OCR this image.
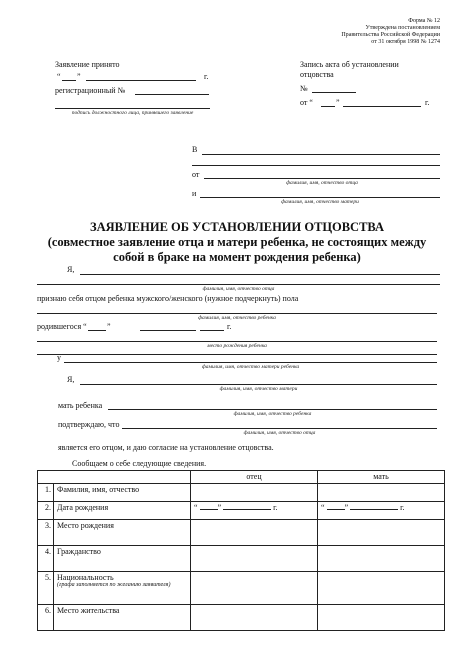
Форма № 12
Утверждена постановлением
Правительства Российской Федерации
от 31 октября 1998 № 1274
Заявление принято
“ ”	г.
регистрационный №
подпись должностного лица, принявшего заявление
Запись акта об установлении
отцовства
№
от “	”	г.
В
от
фамилия, имя, отчество отца
и
фамилия, имя, отчество матери
ЗАЯВЛЕНИЕ ОБ УСТАНОВЛЕНИИ ОТЦОВСТВА
(совместное заявление отца и матери ребенка, не состоящих между
собой в браке на момент рождения ребенка)
Я,
фамилия, имя, отчество отца
признаю себя отцом ребенка мужского/женского (нужное подчеркнуть) пола
фамилия, имя, отчество ребенка
родившегося “	”	г.
место рождения ребенка
у
фамилия, имя, отчество матери ребенка
Я,
фамилия, имя, отчество матери
мать ребенка
фамилия, имя, отчество ребенка
подтверждаю, что
фамилия, имя, отчество отца
является его отцом, и даю согласие на установление отцовства.
Сообщаем о себе следующие сведения.
		отец	мать
1.	Фамилия, имя, отчество		
2.	Дата рождения	“ ” г.	“ ” г.
3.	Место рождения		
4.	Гражданство		
5.	Национальность
(графа заполняется по желанию заявителя)		

6.	Место жительства		
